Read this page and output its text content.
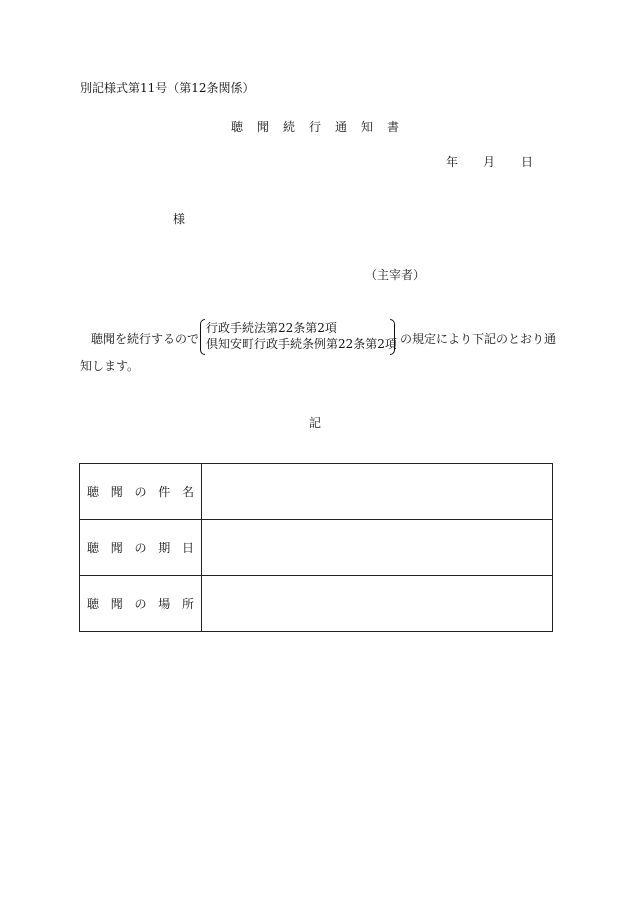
別記様式第11号（第12条関係）
聴 聞 続 行 通 知 書
年 月 日
様
（主宰者）
聴聞を続行するので
行政手続法第22条第2項
倶知安町行政手続条例第22条第2項 の規定により下記のとおり通
知します。
記
聴 聞 の 件 名	

聴 聞 の 期 日	

聴 聞 の 場 所	
